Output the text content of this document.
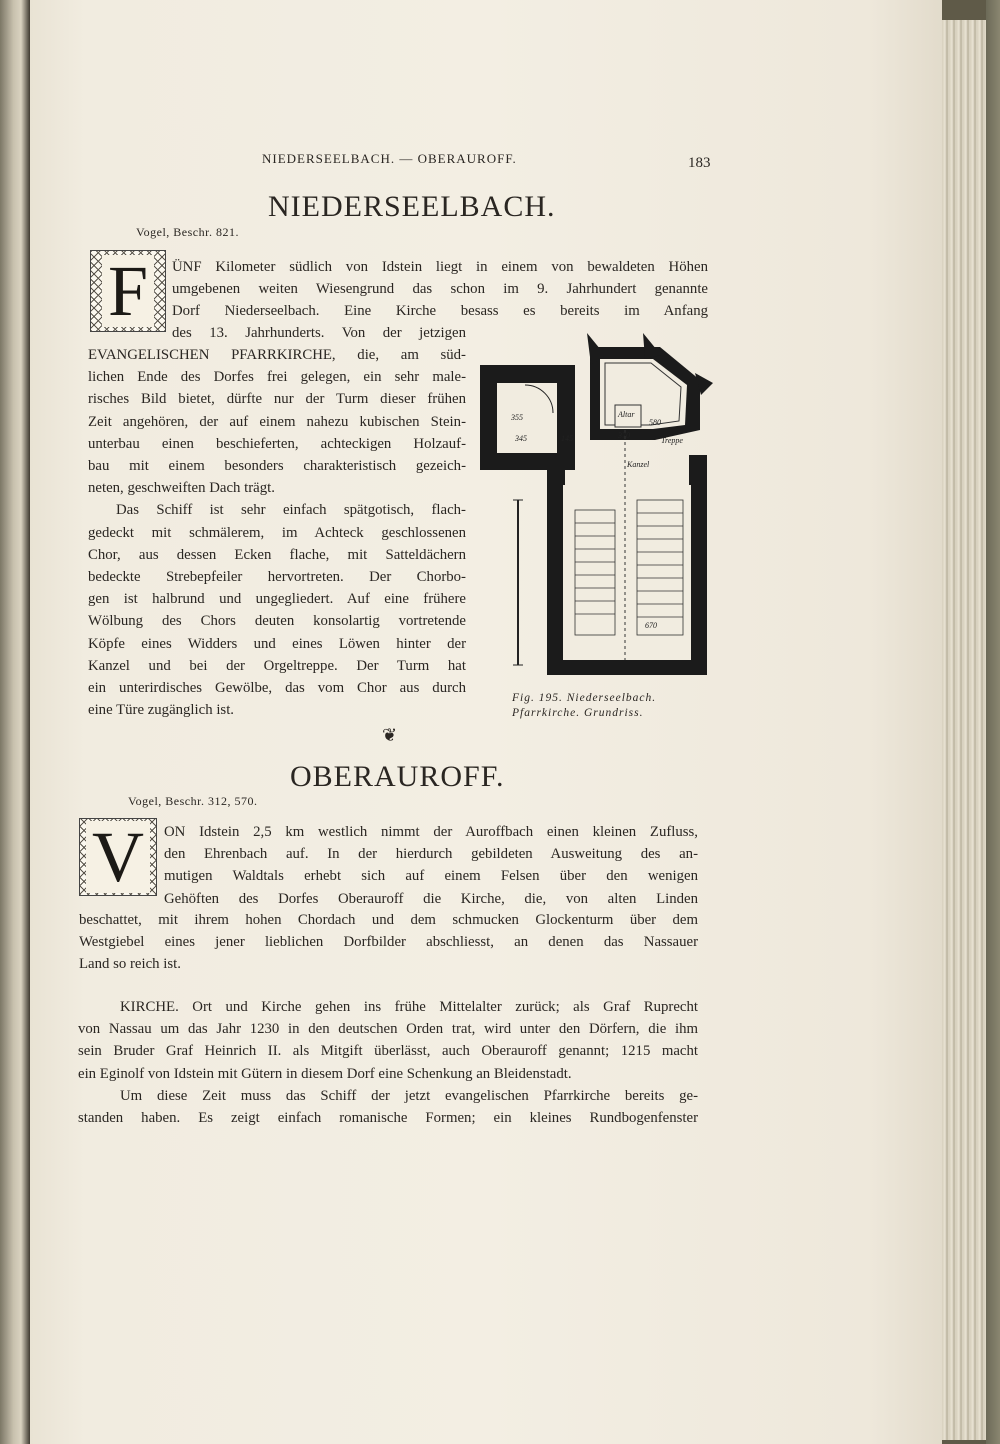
NIEDERSEELBACH. — OBERAUROFF.	183
NIEDERSEELBACH.
Vogel, Beschr. 821.
F	ÜNF Kilometer südlich von Idstein liegt in einem von bewaldeten Höhen
umgebenen weiten Wiesengrund das schon im 9. Jahrhundert genannte
Dorf Niederseelbach. Eine Kirche besass es bereits im Anfang
des 13. Jahrhunderts. Von der jetzigen
EVANGELISCHEN PFARRKIRCHE, die, am süd-
lichen Ende des Dorfes frei gelegen, ein sehr male-
risches Bild bietet, dürfte nur der Turm dieser frühen
Zeit angehören, der auf einem nahezu kubischen Stein-
unterbau einen beschieferten, achteckigen Holzauf-
bau mit einem besonders charakteristisch gezeich-
neten, geschweiften Dach trägt.
Das Schiff ist sehr einfach spätgotisch, flach-
gedeckt mit schmälerem, im Achteck geschlossenen
Chor, aus dessen Ecken flache, mit Satteldächern
bedeckte Strebepfeiler hervortreten. Der Chorbo-
gen ist halbrund und ungegliedert. Auf eine frühere
Wölbung des Chors deuten konsolartig vortretende
Köpfe eines Widders und eines Löwen hinter der
Kanzel und bei der Orgeltreppe. Der Turm hat
ein unterirdisches Gewölbe, das vom Chor aus durch
eine Türe zugänglich ist.
Altar
370
580
670
355
345	145
Kanzel
Treppe
Fig. 195. Niederseelbach.
Pfarrkirche. Grundriss.
❦
OBERAUROFF.
Vogel, Beschr. 312, 570.
V	ON Idstein 2,5 km westlich nimmt der Auroffbach einen kleinen Zufluss,
den Ehrenbach auf. In der hierdurch gebildeten Ausweitung des an-
mutigen Waldtals erhebt sich auf einem Felsen über den wenigen
Gehöften des Dorfes Oberauroff die Kirche, die, von alten Linden
beschattet, mit ihrem hohen Chordach und dem schmucken Glockenturm über dem
Westgiebel eines jener lieblichen Dorfbilder abschliesst, an denen das Nassauer
Land so reich ist.
KIRCHE. Ort und Kirche gehen ins frühe Mittelalter zurück; als Graf Ruprecht
von Nassau um das Jahr 1230 in den deutschen Orden trat, wird unter den Dörfern, die ihm
sein Bruder Graf Heinrich II. als Mitgift überlässt, auch Oberauroff genannt; 1215 macht
ein Eginolf von Idstein mit Gütern in diesem Dorf eine Schenkung an Bleidenstadt.
Um diese Zeit muss das Schiff der jetzt evangelischen Pfarrkirche bereits ge-
standen haben. Es zeigt einfach romanische Formen; ein kleines Rundbogenfenster
